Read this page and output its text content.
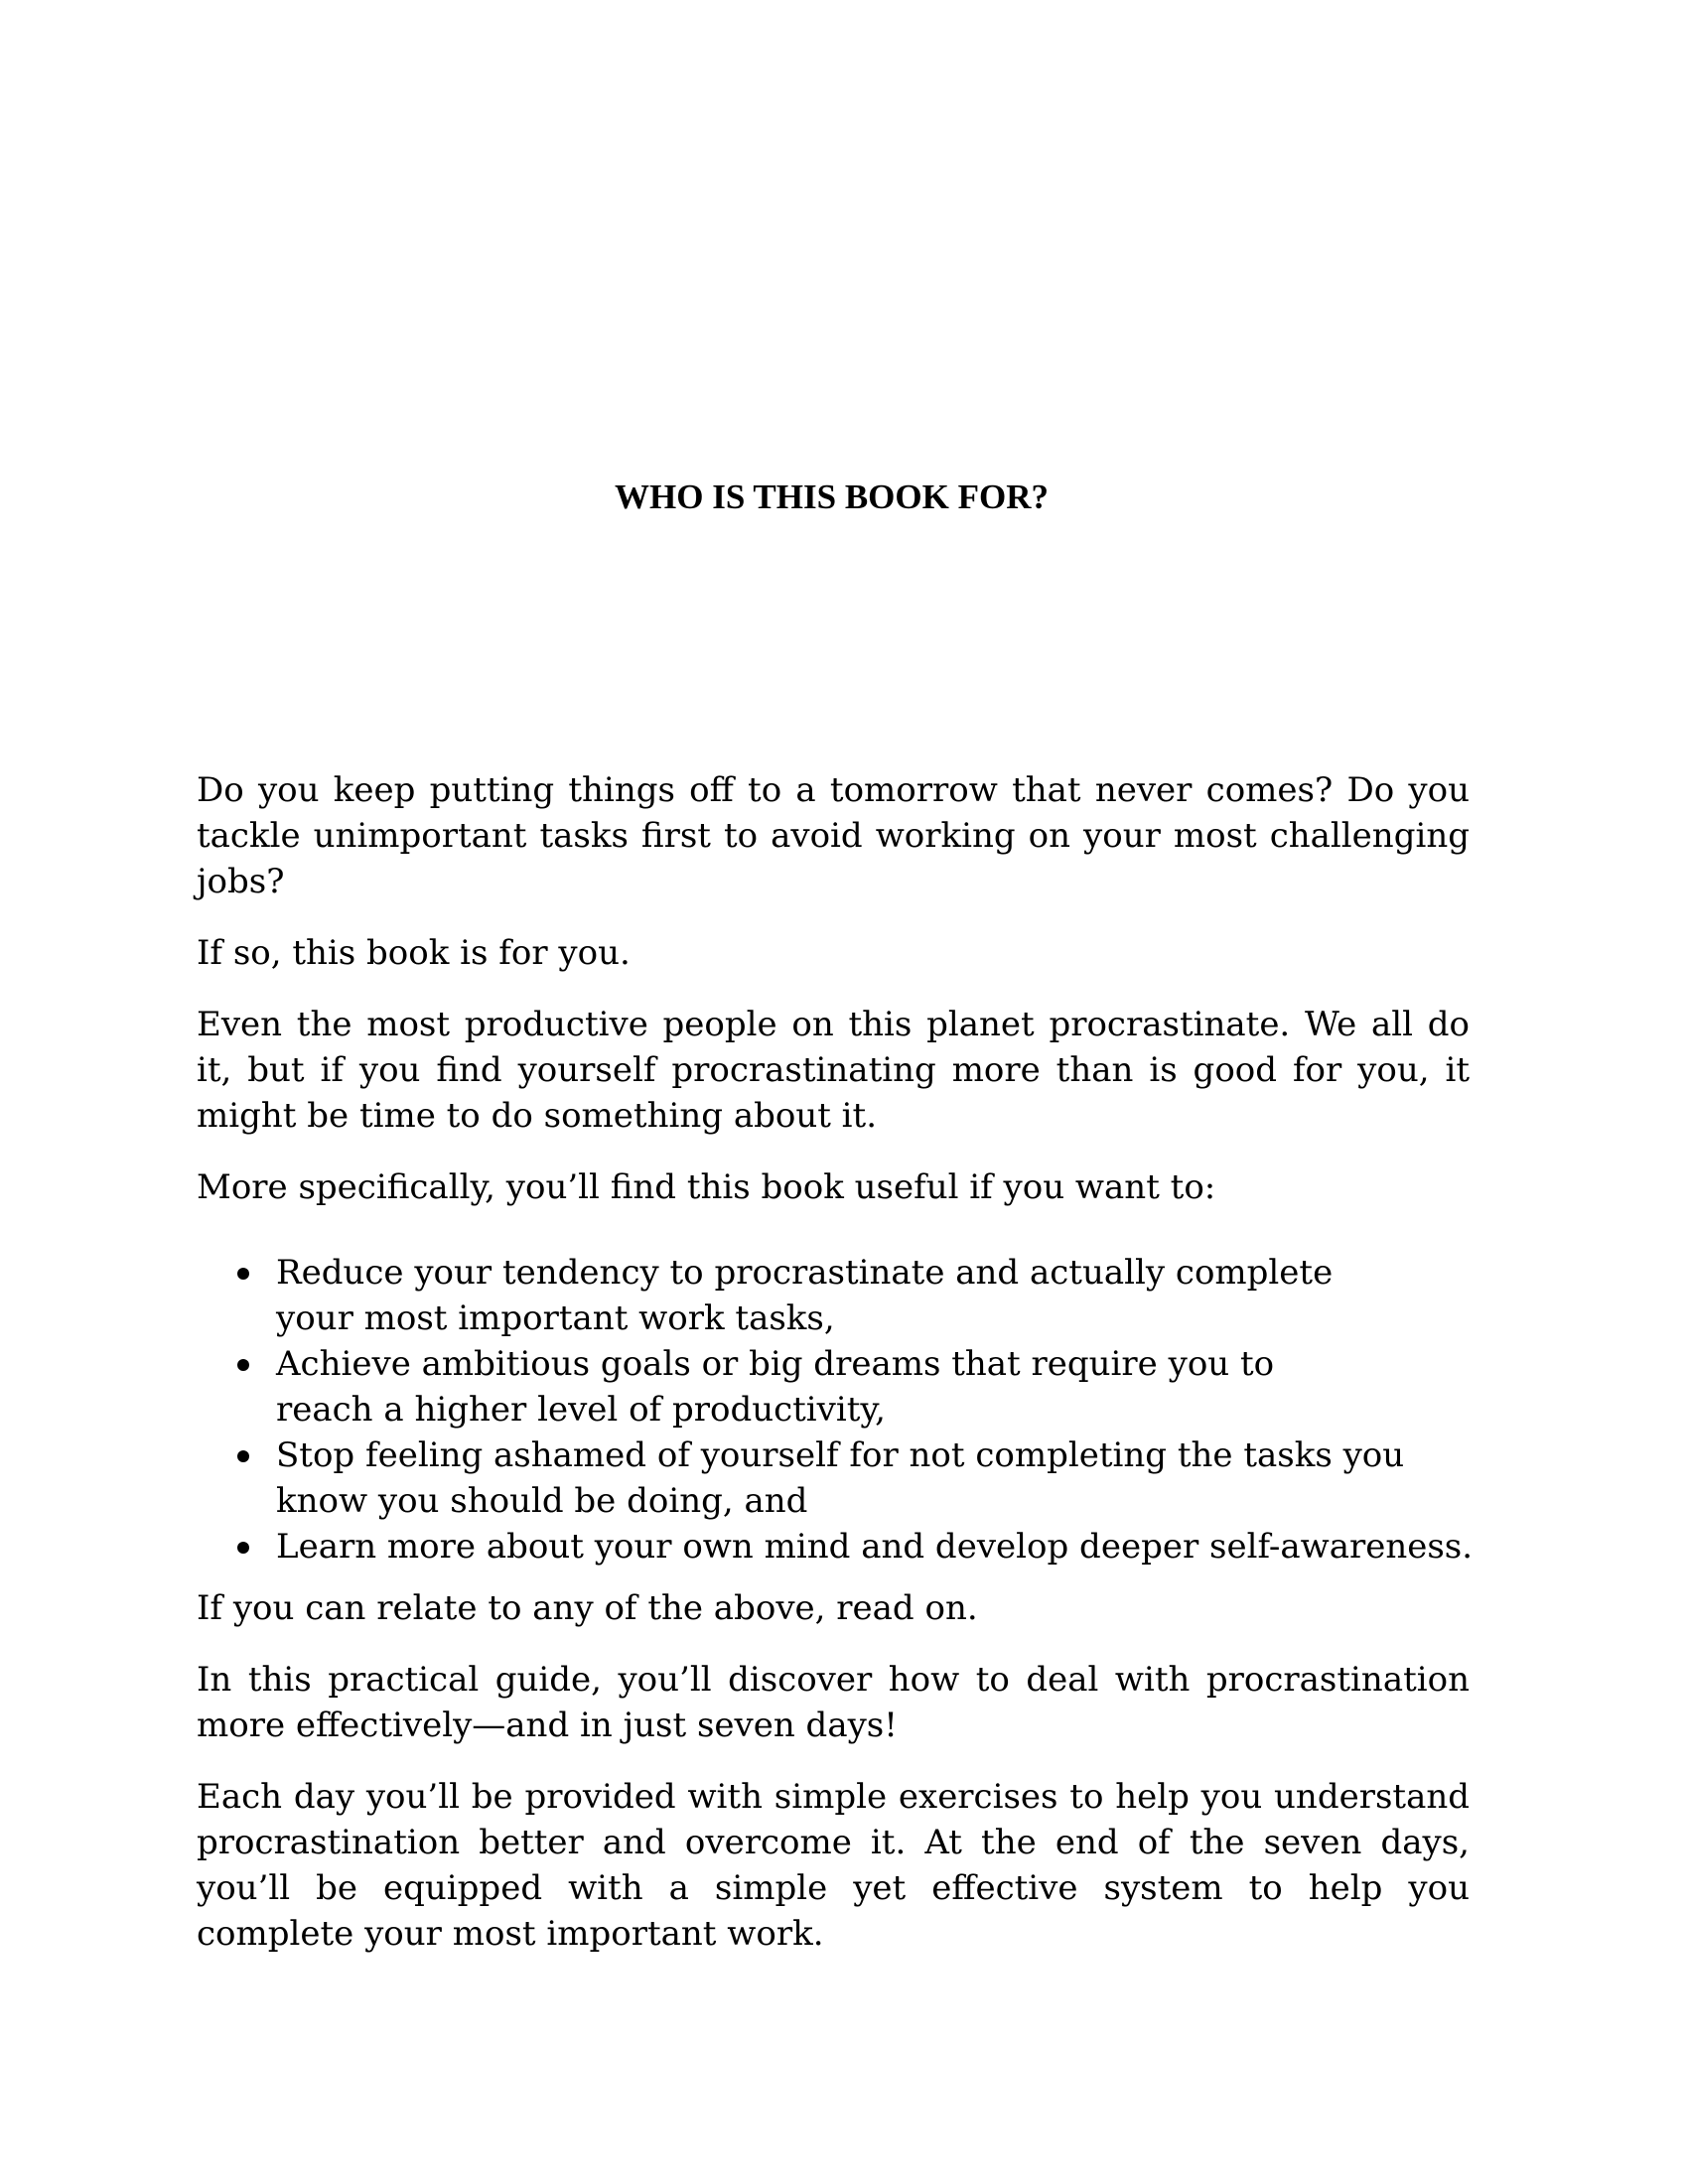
WHO IS THIS BOOK FOR?

Do you keep putting things off to a tomorrow that never comes? Do you tackle unimportant tasks first to avoid working on your most challenging jobs?

If so, this book is for you.

Even the most productive people on this planet procrastinate. We all do it, but if you find yourself procrastinating more than is good for you, it might be time to do something about it.

More specifically, you’ll find this book useful if you want to:

Reduce your tendency to procrastinate and actually complete your most important work tasks,
Achieve ambitious goals or big dreams that require you to reach a higher level of productivity,
Stop feeling ashamed of yourself for not completing the tasks you know you should be doing, and
Learn more about your own mind and develop deeper self-awareness.

If you can relate to any of the above, read on.

In this practical guide, you’ll discover how to deal with procrastination more effectively—and in just seven days!

Each day you’ll be provided with simple exercises to help you understand procrastination better and overcome it. At the end of the seven days, you’ll be equipped with a simple yet effective system to help you complete your most important work.
